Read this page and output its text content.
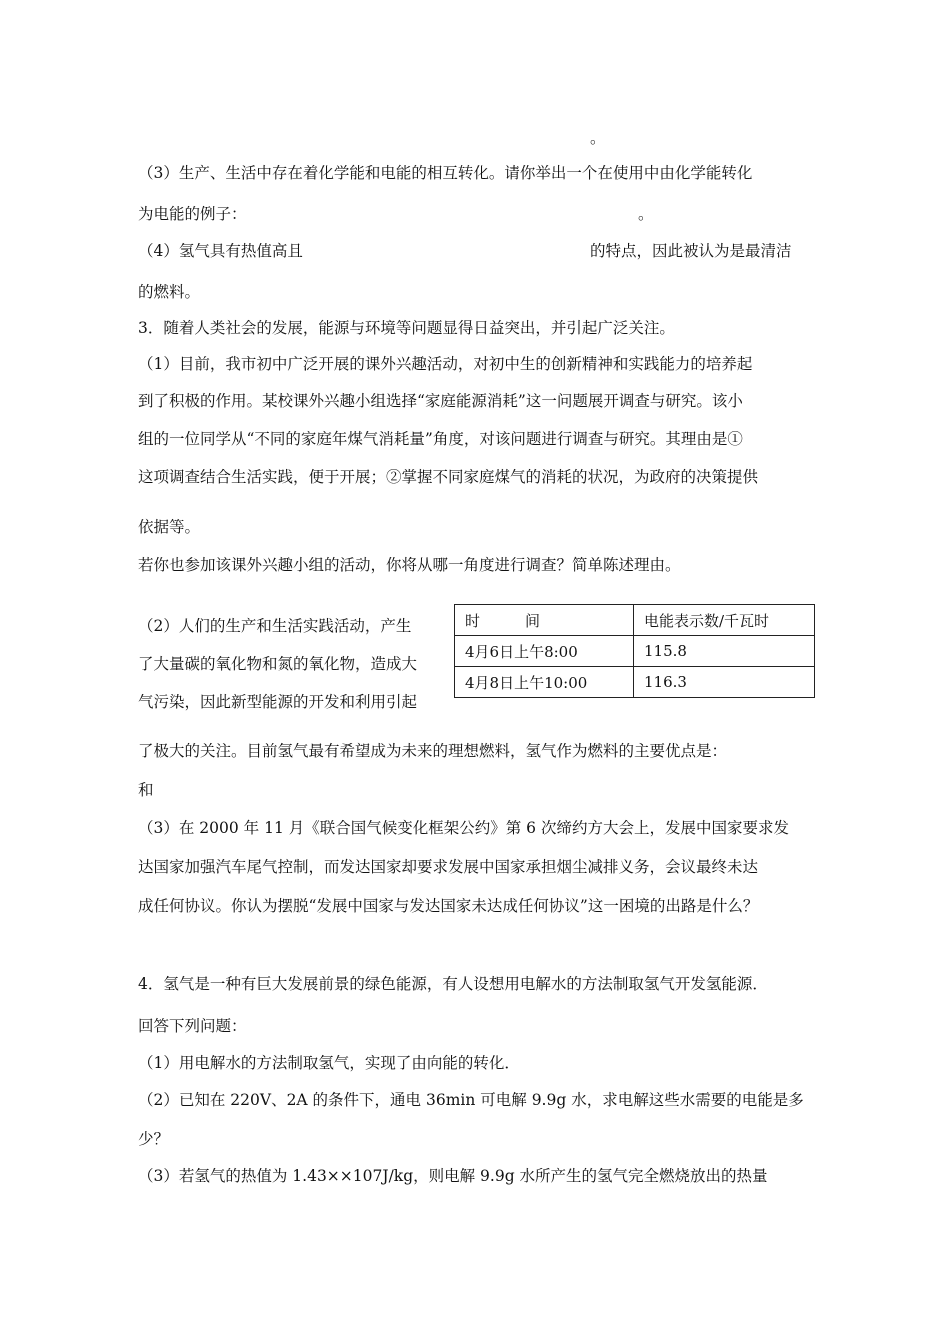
。

（3）生产、生活中存在着化学能和电能的相互转化。请你举出一个在使用中由化学能转化

为电能的例子：	。

（4）氢气具有热值高且	的特点，因此被认为是最清洁

的燃料。

3．随着人类社会的发展，能源与环境等问题显得日益突出，并引起广泛关注。

（1）目前，我市初中广泛开展的课外兴趣活动，对初中生的创新精神和实践能力的培养起

到了积极的作用。某校课外兴趣小组选择“家庭能源消耗”这一问题展开调查与研究。该小

组的一位同学从“不同的家庭年煤气消耗量”角度，对该问题进行调查与研究。其理由是①

这项调查结合生活实践，便于开展；②掌握不同家庭煤气的消耗的状况，为政府的决策提供

依据等。

若你也参加该课外兴趣小组的活动，你将从哪一角度进行调查？简单陈述理由。

（2）人们的生产和生活实践活动，产生

了大量碳的氧化物和氮的氧化物，造成大

气污染，因此新型能源的开发和利用引起

时　　　间	电能表示数/千瓦时
4月6日上午8:00	115.8
4月8日上午10:00	116.3

了极大的关注。目前氢气最有希望成为未来的理想燃料，氢气作为燃料的主要优点是：

和

（3）在 2000 年 11 月《联合国气候变化框架公约》第 6 次缔约方大会上，发展中国家要求发

达国家加强汽车尾气控制，而发达国家却要求发展中国家承担烟尘减排义务，会议最终未达

成任何协议。你认为摆脱“发展中国家与发达国家未达成任何协议”这一困境的出路是什么？

4．氢气是一种有巨大发展前景的绿色能源，有人设想用电解水的方法制取氢气开发氢能源．

回答下列问题：

（1）用电解水的方法制取氢气，实现了由向能的转化．

（2）已知在 220V、2A 的条件下，通电 36min 可电解 9.9g 水，求电解这些水需要的电能是多

少？

（3）若氢气的热值为 1.43××107J/kg，则电解 9.9g 水所产生的氢气完全燃烧放出的热量
